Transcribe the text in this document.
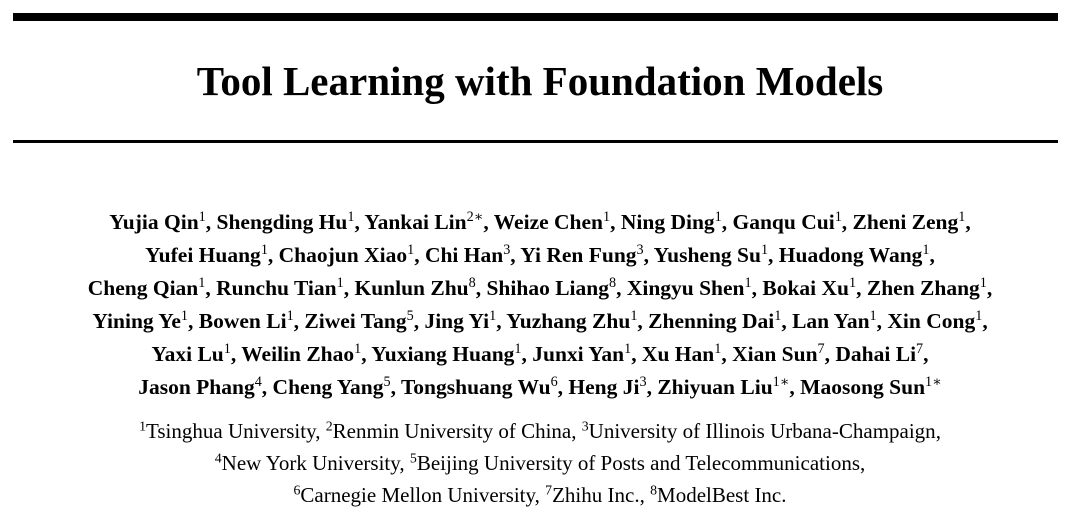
Tool Learning with Foundation Models
Yujia Qin$^1$, Shengding Hu$^1$, Yankai Lin$^{2∗}$, Weize Chen$^1$, Ning Ding$^1$, Ganqu Cui$^1$, Zheni Zeng$^1$,
Yufei Huang$^1$, Chaojun Xiao$^1$, Chi Han$^3$, Yi Ren Fung$^3$, Yusheng Su$^1$, Huadong Wang$^1$,
Cheng Qian$^1$, Runchu Tian$^1$, Kunlun Zhu$^8$, Shihao Liang$^8$, Xingyu Shen$^1$, Bokai Xu$^1$, Zhen Zhang$^1$,
Yining Ye$^1$, Bowen Li$^1$, Ziwei Tang$^5$, Jing Yi$^1$, Yuzhang Zhu$^1$, Zhenning Dai$^1$, Lan Yan$^1$, Xin Cong$^1$,
Yaxi Lu$^1$, Weilin Zhao$^1$, Yuxiang Huang$^1$, Junxi Yan$^1$, Xu Han$^1$, Xian Sun$^7$, Dahai Li$^7$,
Jason Phang$^4$, Cheng Yang$^5$, Tongshuang Wu$^6$, Heng Ji$^3$, Zhiyuan Liu$^{1∗}$, Maosong Sun$^{1∗}$
$^1$Tsinghua University, $^2$Renmin University of China, $^3$University of Illinois Urbana-Champaign,
$^4$New York University, $^5$Beijing University of Posts and Telecommunications,
$^6$Carnegie Mellon University, $^7$Zhihu Inc., $^8$ModelBest Inc.
